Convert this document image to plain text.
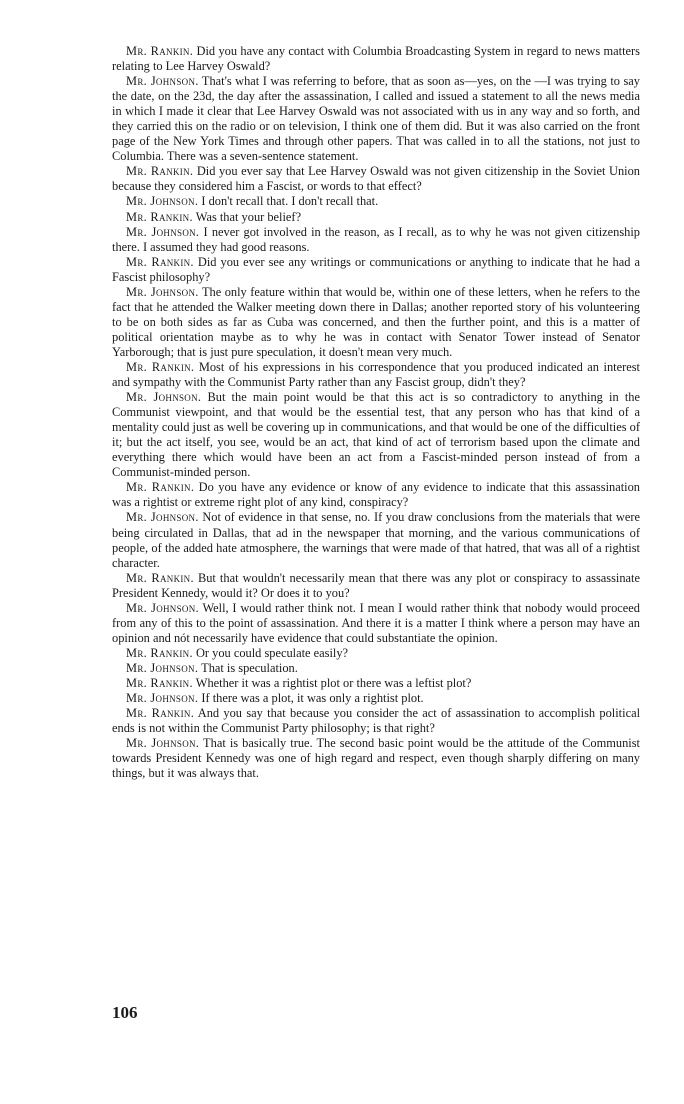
Mr. Rankin. Did you have any contact with Columbia Broadcasting System in regard to news matters relating to Lee Harvey Oswald?

Mr. Johnson. That's what I was referring to before, that as soon as—yes, on the —I was trying to say the date, on the 23d, the day after the assassination, I called and issued a statement to all the news media in which I made it clear that Lee Harvey Oswald was not associated with us in any way and so forth, and they carried this on the radio or on television, I think one of them did. But it was also carried on the front page of the New York Times and through other papers. That was called in to all the stations, not just to Columbia. There was a seven-sentence statement.

Mr. Rankin. Did you ever say that Lee Harvey Oswald was not given citizenship in the Soviet Union because they considered him a Fascist, or words to that effect?

Mr. Johnson. I don't recall that. I don't recall that.

Mr. Rankin. Was that your belief?

Mr. Johnson. I never got involved in the reason, as I recall, as to why he was not given citizenship there. I assumed they had good reasons.

Mr. Rankin. Did you ever see any writings or communications or anything to indicate that he had a Fascist philosophy?

Mr. Johnson. The only feature within that would be, within one of these letters, when he refers to the fact that he attended the Walker meeting down there in Dallas; another reported story of his volunteering to be on both sides as far as Cuba was concerned, and then the further point, and this is a matter of political orientation maybe as to why he was in contact with Senator Tower instead of Senator Yarborough; that is just pure speculation, it doesn't mean very much.

Mr. Rankin. Most of his expressions in his correspondence that you produced indicated an interest and sympathy with the Communist Party rather than any Fascist group, didn't they?

Mr. Johnson. But the main point would be that this act is so contradictory to anything in the Communist viewpoint, and that would be the essential test, that any person who has that kind of a mentality could just as well be covering up in communications, and that would be one of the difficulties of it; but the act itself, you see, would be an act, that kind of act of terrorism based upon the climate and everything there which would have been an act from a Fascist-minded person instead of from a Communist-minded person.

Mr. Rankin. Do you have any evidence or know of any evidence to indicate that this assassination was a rightist or extreme right plot of any kind, conspiracy?

Mr. Johnson. Not of evidence in that sense, no. If you draw conclusions from the materials that were being circulated in Dallas, that ad in the newspaper that morning, and the various communications of people, of the added hate atmosphere, the warnings that were made of that hatred, that was all of a rightist character.

Mr. Rankin. But that wouldn't necessarily mean that there was any plot or conspiracy to assassinate President Kennedy, would it? Or does it to you?

Mr. Johnson. Well, I would rather think not. I mean I would rather think that nobody would proceed from any of this to the point of assassination. And there it is a matter I think where a person may have an opinion and nót necessarily have evidence that could substantiate the opinion.

Mr. Rankin. Or you could speculate easily?

Mr. Johnson. That is speculation.

Mr. Rankin. Whether it was a rightist plot or there was a leftist plot?

Mr. Johnson. If there was a plot, it was only a rightist plot.

Mr. Rankin. And you say that because you consider the act of assassination to accomplish political ends is not within the Communist Party philosophy; is that right?

Mr. Johnson. That is basically true. The second basic point would be the attitude of the Communist towards President Kennedy was one of high regard and respect, even though sharply differing on many things, but it was always that.

106
